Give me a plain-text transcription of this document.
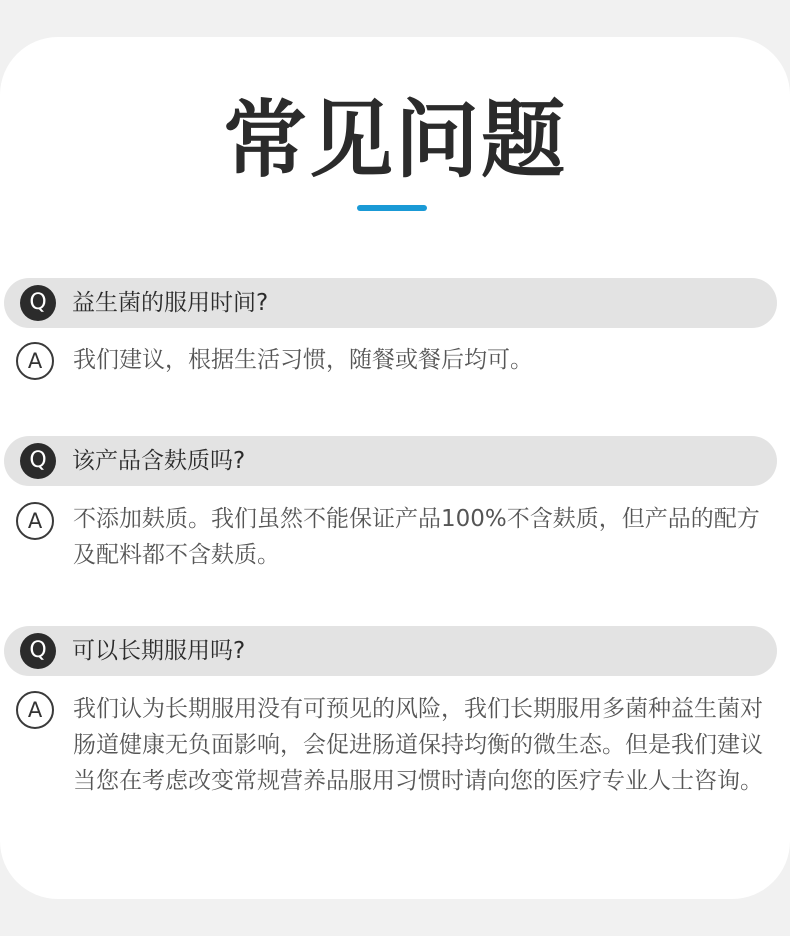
常见问题
Q	益生菌的服用时间?
A	我们建议，根据生活习惯，随餐或餐后均可。
Q	该产品含麸质吗?
A	不添加麸质。我们虽然不能保证产品100%不含麸质，但产品的配方及配料都不含麸质。
Q	可以长期服用吗?
A	我们认为长期服用没有可预见的风险，我们长期服用多菌种益生菌对肠道健康无负面影响，会促进肠道保持均衡的微生态。但是我们建议当您在考虑改变常规营养品服用习惯时请向您的医疗专业人士咨询。
